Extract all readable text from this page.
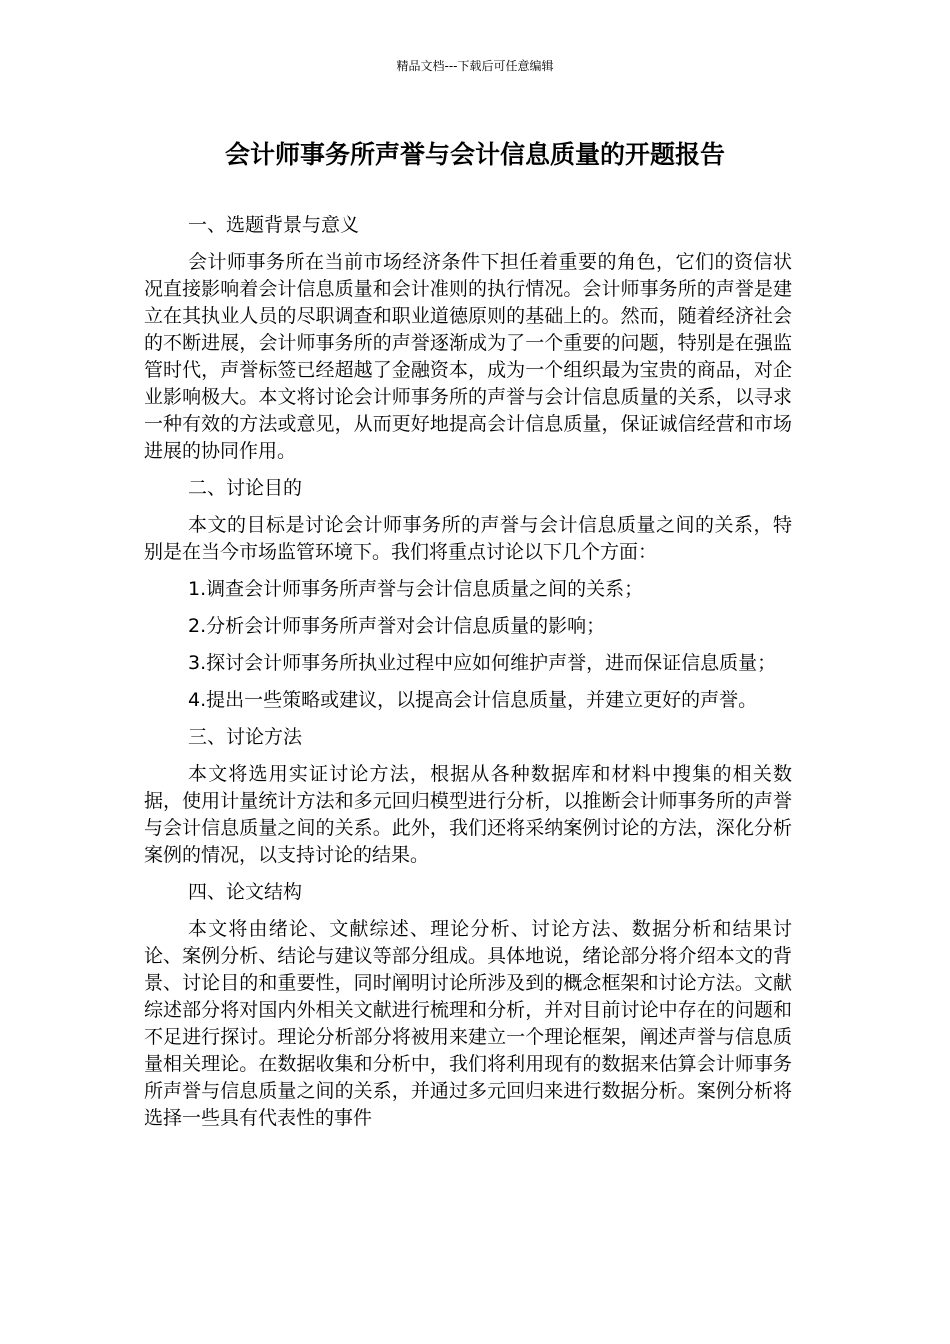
精品文档---下载后可任意编辑
会计师事务所声誉与会计信息质量的开题报告

一、选题背景与意义

会计师事务所在当前市场经济条件下担任着重要的角色，它们的资信状况直接影响着会计信息质量和会计准则的执行情况。会计师事务所的声誉是建立在其执业人员的尽职调查和职业道德原则的基础上的。然而，随着经济社会的不断进展，会计师事务所的声誉逐渐成为了一个重要的问题，特别是在强监管时代，声誉标签已经超越了金融资本，成为一个组织最为宝贵的商品，对企业影响极大。本文将讨论会计师事务所的声誉与会计信息质量的关系，以寻求一种有效的方法或意见，从而更好地提高会计信息质量，保证诚信经营和市场进展的协同作用。

二、讨论目的

本文的目标是讨论会计师事务所的声誉与会计信息质量之间的关系，特别是在当今市场监管环境下。我们将重点讨论以下几个方面：

1.调查会计师事务所声誉与会计信息质量之间的关系；

2.分析会计师事务所声誉对会计信息质量的影响；

3.探讨会计师事务所执业过程中应如何维护声誉，进而保证信息质量；

4.提出一些策略或建议，以提高会计信息质量，并建立更好的声誉。

三、讨论方法

本文将选用实证讨论方法，根据从各种数据库和材料中搜集的相关数据，使用计量统计方法和多元回归模型进行分析，以推断会计师事务所的声誉与会计信息质量之间的关系。此外，我们还将采纳案例讨论的方法，深化分析案例的情况，以支持讨论的结果。

四、论文结构

本文将由绪论、文献综述、理论分析、讨论方法、数据分析和结果讨论、案例分析、结论与建议等部分组成。具体地说，绪论部分将介绍本文的背景、讨论目的和重要性，同时阐明讨论所涉及到的概念框架和讨论方法。文献综述部分将对国内外相关文献进行梳理和分析，并对目前讨论中存在的问题和不足进行探讨。理论分析部分将被用来建立一个理论框架，阐述声誉与信息质量相关理论。在数据收集和分析中，我们将利用现有的数据来估算会计师事务所声誉与信息质量之间的关系，并通过多元回归来进行数据分析。案例分析将选择一些具有代表性的事件
